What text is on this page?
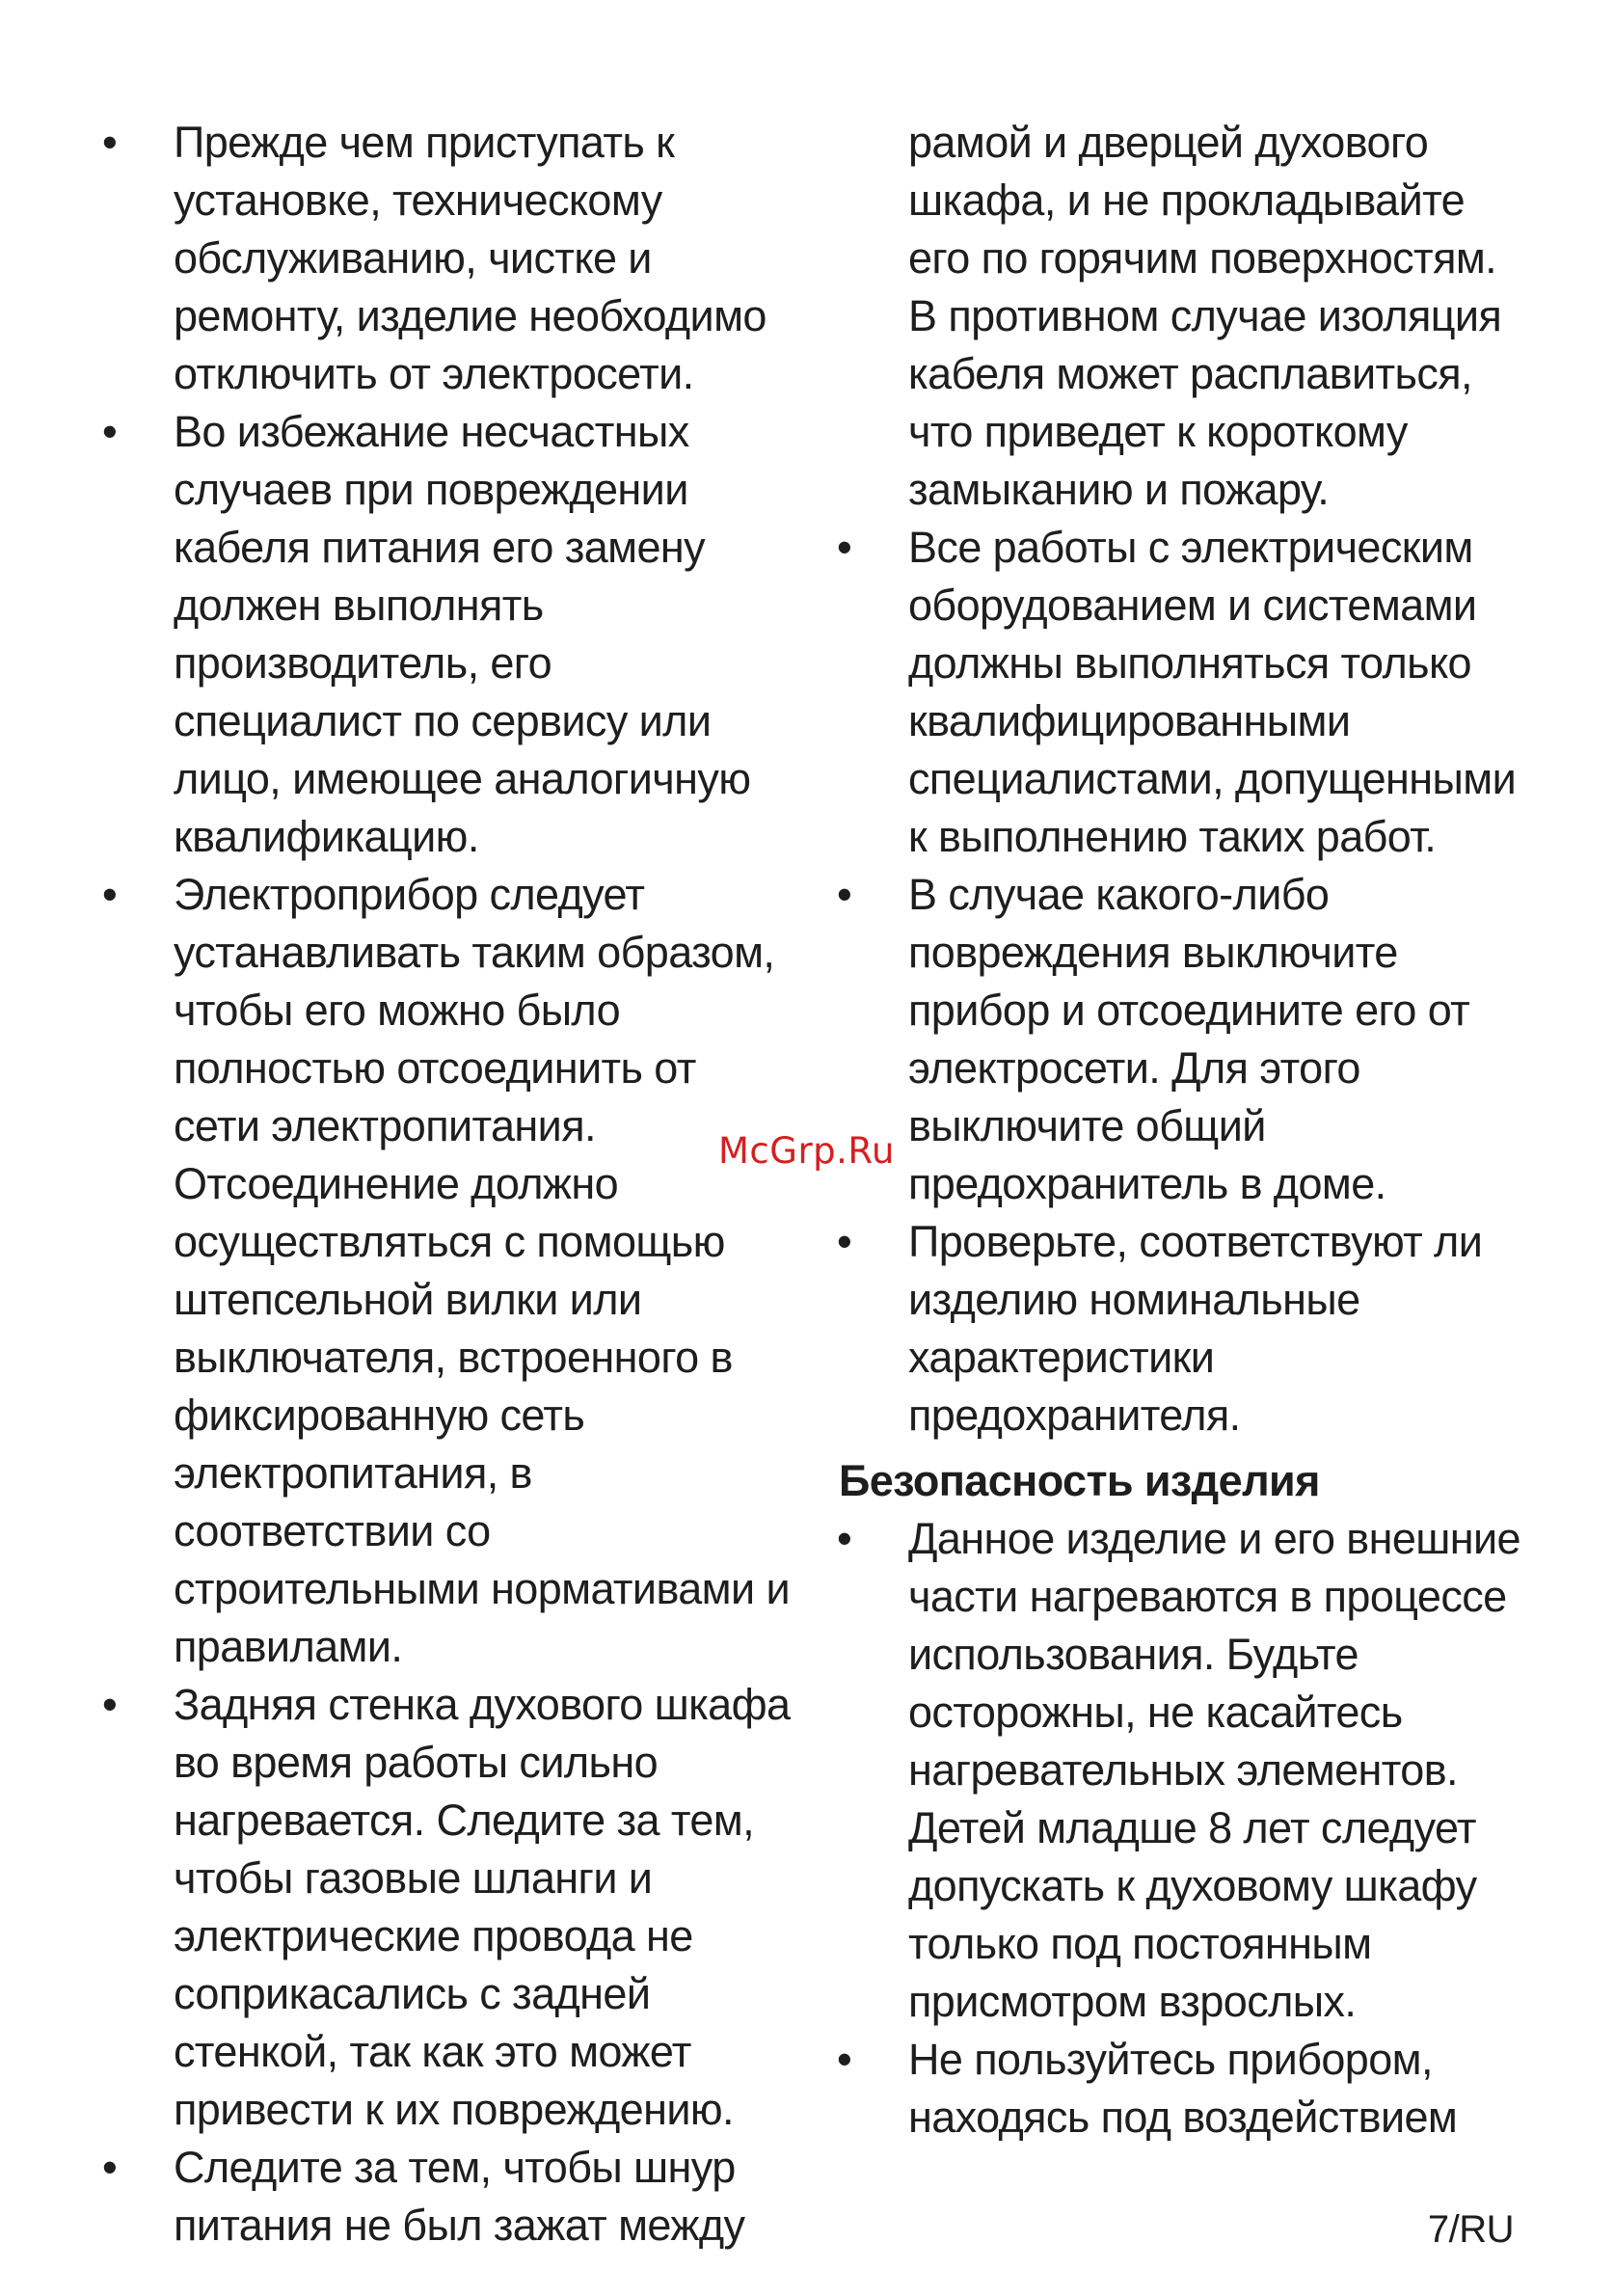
• Прежде чем приступать к установке, техническому обслуживанию, чистке и ремонту, изделие необходимо отключить от электросети.
• Во избежание несчастных случаев при повреждении кабеля питания его замену должен выполнять производитель, его специалист по сервису или лицо, имеющее аналогичную квалификацию.
• Электроприбор следует устанавливать таким образом, чтобы его можно было полностью отсоединить от сети электропитания. Отсоединение должно осуществляться с помощью штепсельной вилки или выключателя, встроенного в фиксированную сеть электропитания, в соответствии со строительными нормативами и правилами.
• Задняя стенка духового шкафа во время работы сильно нагревается. Следите за тем, чтобы газовые шланги и электрические провода не соприкасались с задней стенкой, так как это может привести к их повреждению.
• Следите за тем, чтобы шнур питания не был зажат между

рамой и дверцей духового шкафа, и не прокладывайте его по горячим поверхностям. В противном случае изоляция кабеля может расплавиться, что приведет к короткому замыканию и пожару.

• Все работы с электрическим оборудованием и системами должны выполняться только квалифицированными специалистами, допущенными к выполнению таких работ.
• В случае какого-либо повреждения выключите прибор и отсоедините его от электросети. Для этого выключите общий предохранитель в доме.
• Проверьте, соответствуют ли изделию номинальные характеристики предохранителя.
Безопасность изделия
• Данное изделие и его внешние части нагреваются в процессе использования. Будьте осторожны, не касайтесь нагревательных элементов. Детей младше 8 лет следует допускать к духовому шкафу только под постоянным присмотром взрослых.
• Не пользуйтесь прибором, находясь под воздействием
McGrp.Ru
7/RU
